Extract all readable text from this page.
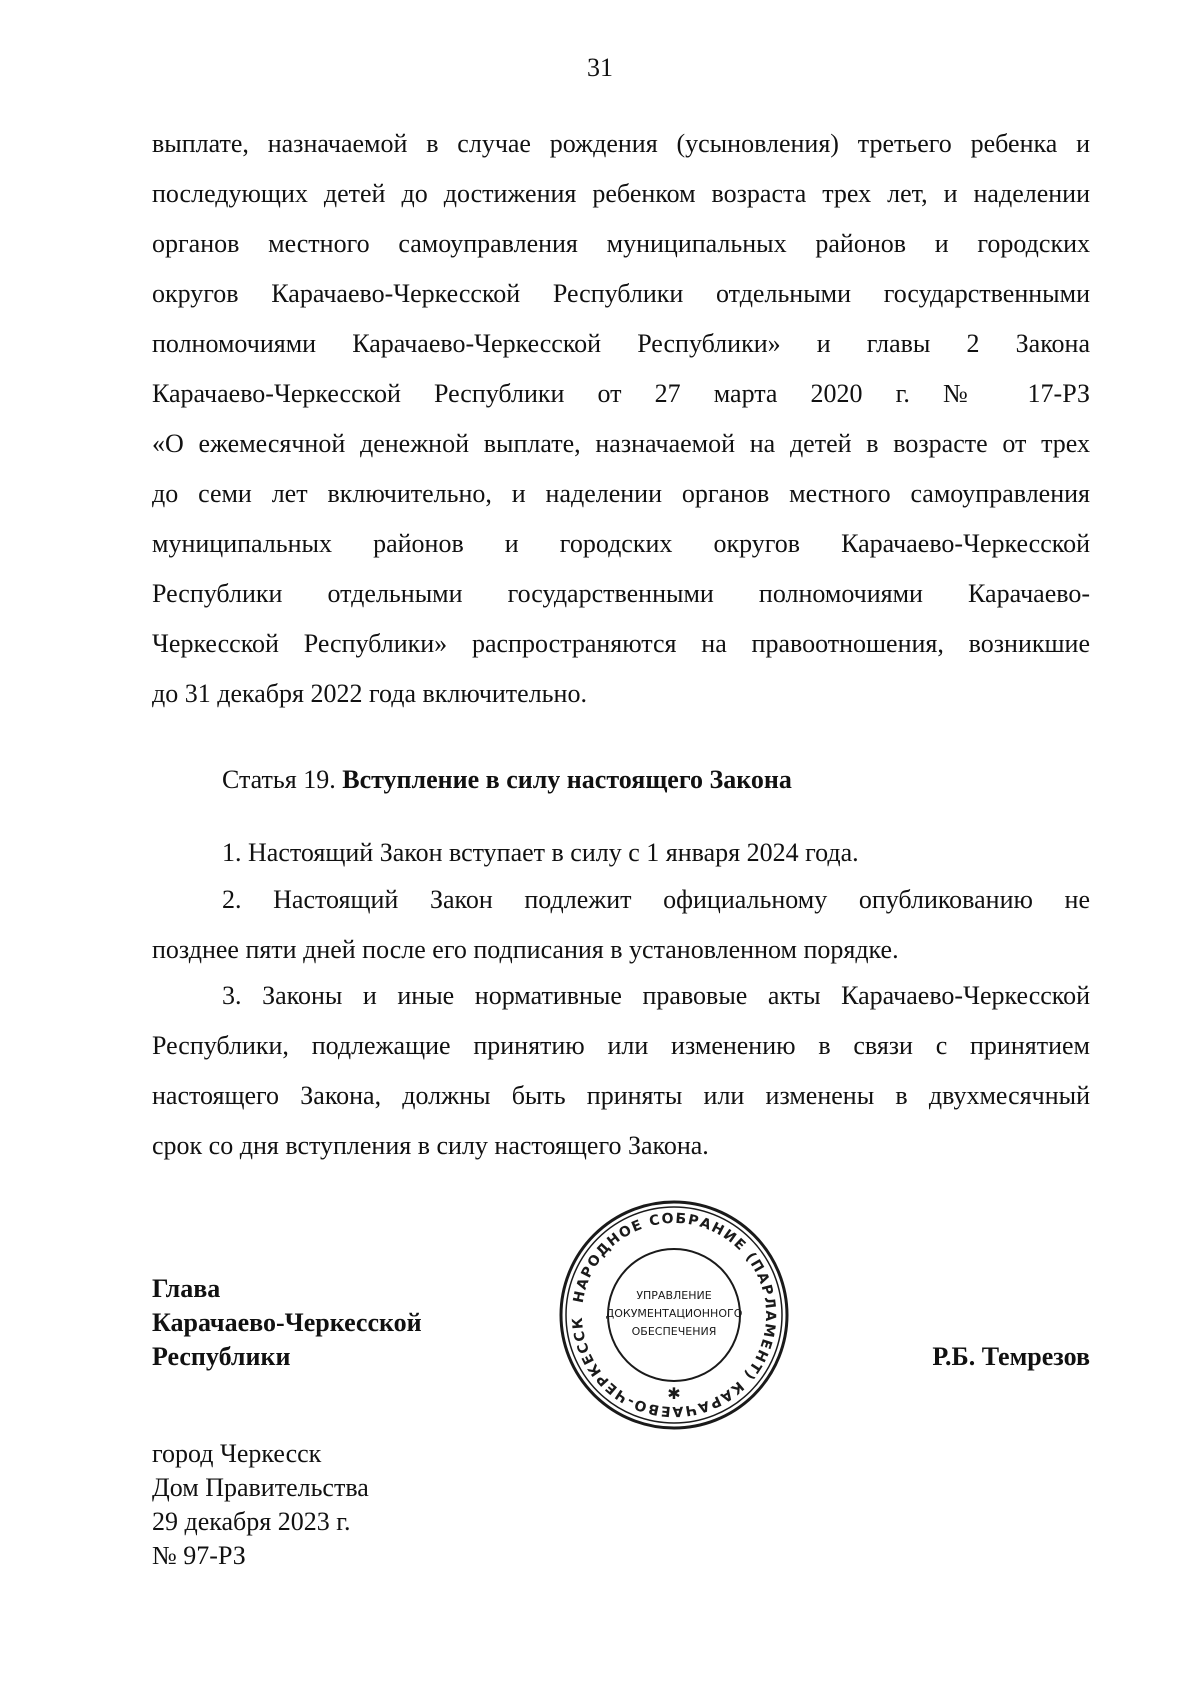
31
выплате, назначаемой в случае рождения (усыновления) третьего ребенка и
последующих детей до достижения ребенком возраста трех лет, и наделении
органов местного самоуправления муниципальных районов и городских
округов Карачаево-Черкесской Республики отдельными государственными
полномочиями Карачаево-Черкесской Республики» и главы 2 Закона
Карачаево-Черкесской Республики от 27 марта 2020 г. № 17-РЗ
«О ежемесячной денежной выплате, назначаемой на детей в возрасте от трех
до семи лет включительно, и наделении органов местного самоуправления
муниципальных районов и городских округов Карачаево-Черкесской
Республики отдельными государственными полномочиями Карачаево-
Черкесской Республики» распространяются на правоотношения, возникшие
до 31 декабря 2022 года включительно.
Статья 19. Вступление в силу настоящего Закона
1. Настоящий Закон вступает в силу с 1 января 2024 года.
2. Настоящий Закон подлежит официальному опубликованию не
позднее пяти дней после его подписания в установленном порядке.
3. Законы и иные нормативные правовые акты Карачаево-Черкесской
Республики, подлежащие принятию или изменению в связи с принятием
настоящего Закона, должны быть приняты или изменены в двухмесячный
срок со дня вступления в силу настоящего Закона.
Глава
Карачаево-Черкесской
Республики	Р.Б. Темрезов
НАРОДНОЕ СОБРАНИЕ (ПАРЛАМЕНТ) КАРАЧАЕВО-ЧЕРКЕССК
УПРАВЛЕНИЕ
ДОКУМЕНТАЦИОННОГО
ОБЕСПЕЧЕНИЯ
✱
город Черкесск
Дом Правительства
29 декабря 2023 г.
№ 97-РЗ
